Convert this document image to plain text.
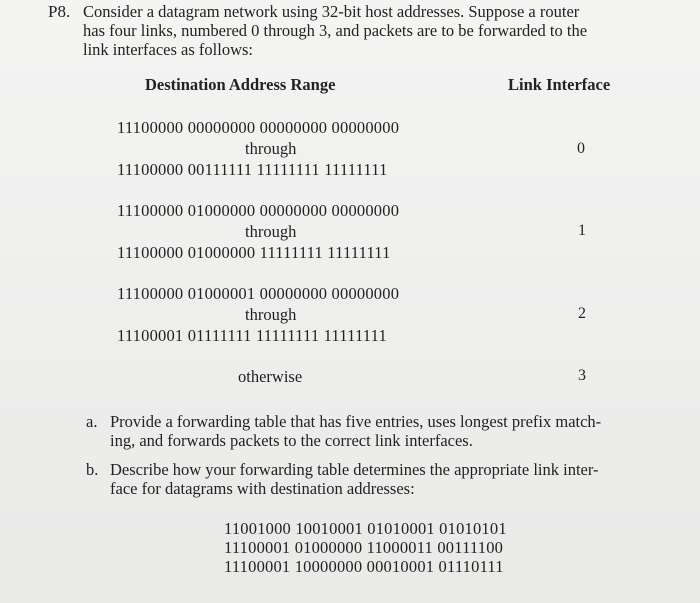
P8. Consider a datagram network using 32-bit host addresses. Suppose a router
has four links, numbered 0 through 3, and packets are to be forwarded to the
link interfaces as follows:
Destination Address Range	Link Interface
11100000 00000000 00000000 00000000
through
11100000 00111111 11111111 11111111
0
11100000 01000000 00000000 00000000
through
11100000 01000000 11111111 11111111
1
11100000 01000001 00000000 00000000
through
11100001 01111111 11111111 11111111
2
otherwise	3
a. Provide a forwarding table that has five entries, uses longest prefix match-
ing, and forwards packets to the correct link interfaces.
b. Describe how your forwarding table determines the appropriate link inter-
face for datagrams with destination addresses:
11001000 10010001 01010001 01010101
11100001 01000000 11000011 00111100
11100001 10000000 00010001 01110111
